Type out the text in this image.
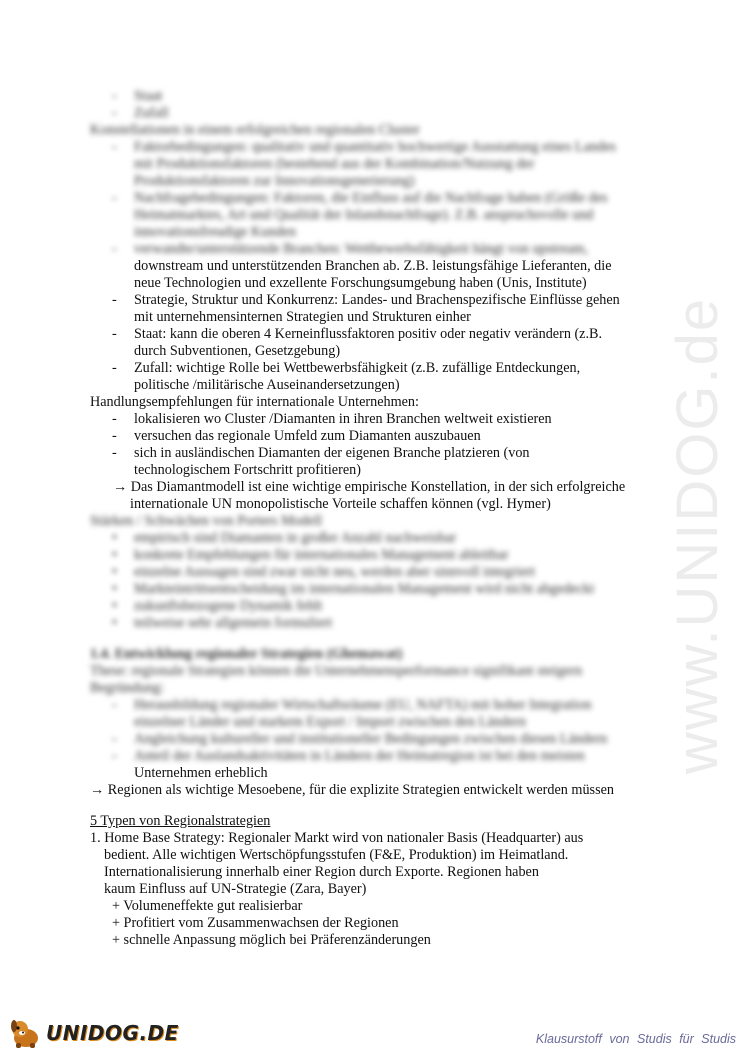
www.UNIDOG.de
- Staat
- Zufall
Konstellationen in einem erfolgreichen regionalen Cluster
- Faktorbedingungen: qualitativ und quantitativ hochwertige Ausstattung eines Landes
mit Produktionsfaktoren (bestehend aus der Kombination/Nutzung der
Produktionsfaktoren zur Innovationsgenerierung)
- Nachfragebedingungen: Faktoren, die Einfluss auf die Nachfrage haben (Größe des
Heimatmarktes, Art und Qualität der Inlandsnachfrage). Z.B. anspruchsvolle und
innovationsfreudige Kunden
- verwandte/unterstützende Branchen: Wettbewerbsfähigkeit hängt von upstream,
downstream und unterstützenden Branchen ab. Z.B. leistungsfähige Lieferanten, die
neue Technologien und exzellente Forschungsumgebung haben (Unis, Institute)
- Strategie, Struktur und Konkurrenz: Landes- und Brachenspezifische Einflüsse gehen
mit unternehmensinternen Strategien und Strukturen einher
- Staat: kann die oberen 4 Kerneinflussfaktoren positiv oder negativ verändern (z.B.
durch Subventionen, Gesetzgebung)
- Zufall: wichtige Rolle bei Wettbewerbsfähigkeit (z.B. zufällige Entdeckungen,
politische /militärische Auseinandersetzungen)
Handlungsempfehlungen für internationale Unternehmen:
- lokalisieren wo Cluster /Diamanten in ihren Branchen weltweit existieren
- versuchen das regionale Umfeld zum Diamanten auszubauen
- sich in ausländischen Diamanten der eigenen Branche platzieren (von
technologischem Fortschritt profitieren)
→ Das Diamantmodell ist eine wichtige empirische Konstellation, in der sich erfolgreiche
internationale UN monopolistische Vorteile schaffen können (vgl. Hymer)
Stärken / Schwächen von Porters Modell
• empirisch sind Diamanten in großer Anzahl nachweisbar
• konkrete Empfehlungen für internationales Management ableitbar
• einzelne Aussagen sind zwar nicht neu, werden aber sinnvoll integriert
• Markteintrittsentscheidung im internationalen Management wird nicht abgedeckt
• zukunftsbezogene Dynamik fehlt
• teilweise sehr allgemein formuliert
1.4. Entwicklung regionaler Strategien (Ghemawat)
These: regionale Strategien können die Unternehmensperformance signifikant steigern
Begründung:
- Herausbildung regionaler Wirtschaftsräume (EU, NAFTA) mit hoher Integration
einzelner Länder und starkem Export / Import zwischen den Ländern
- Angleichung kultureller und institutioneller Bedingungen zwischen diesen Ländern
- Anteil der Auslandsaktivitäten in Ländern der Heimatregion ist bei den meisten
Unternehmen erheblich
→ Regionen als wichtige Mesoebene, für die explizite Strategien entwickelt werden müssen
5 Typen von Regionalstrategien
1. Home Base Strategy: Regionaler Markt wird von nationaler Basis (Headquarter) aus
bedient. Alle wichtigen Wertschöpfungsstufen (F&E, Produktion) im Heimatland.
Internationalisierung innerhalb einer Region durch Exporte. Regionen haben
kaum Einfluss auf UN-Strategie (Zara, Bayer)
+ Volumeneffekte gut realisierbar
+ Profitiert vom Zusammenwachsen der Regionen
+ schnelle Anpassung möglich bei Präferenzänderungen
UNIDOG.DE	Klausurstoff von Studis für Studis
